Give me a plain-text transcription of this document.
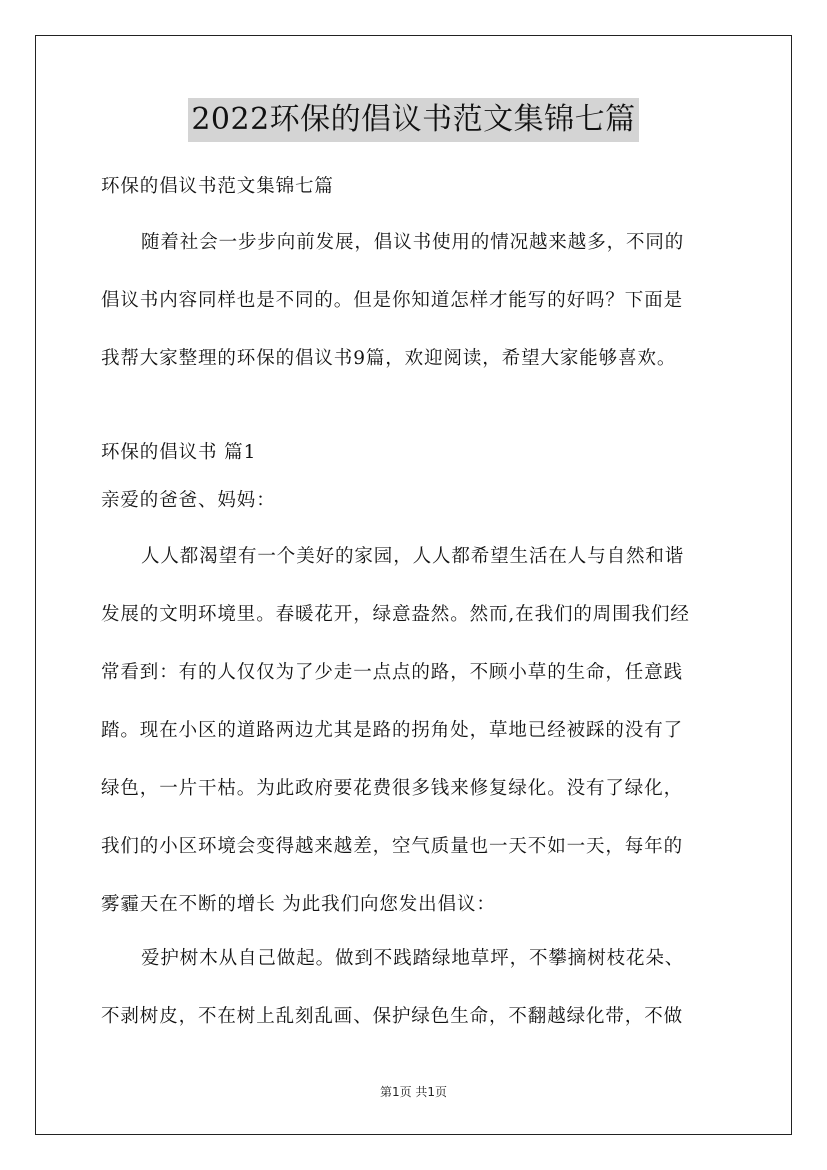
2022环保的倡议书范文集锦七篇
环保的倡议书范文集锦七篇
随着社会一步步向前发展，倡议书使用的情况越来越多，不同的
倡议书内容同样也是不同的。但是你知道怎样才能写的好吗？下面是
我帮大家整理的环保的倡议书9篇，欢迎阅读，希望大家能够喜欢。
环保的倡议书 篇1
亲爱的爸爸、妈妈：
人人都渴望有一个美好的家园，人人都希望生活在人与自然和谐
发展的文明环境里。春暖花开，绿意盎然。然而,在我们的周围我们经
常看到：有的人仅仅为了少走一点点的路，不顾小草的生命，任意践
踏。现在小区的道路两边尤其是路的拐角处，草地已经被踩的没有了
绿色，一片干枯。为此政府要花费很多钱来修复绿化。没有了绿化，
我们的小区环境会变得越来越差，空气质量也一天不如一天，每年的
雾霾天在不断的增长 为此我们向您发出倡议：
爱护树木从自己做起。做到不践踏绿地草坪，不攀摘树枝花朵、
不剥树皮，不在树上乱刻乱画、保护绿色生命，不翻越绿化带，不做
第1页 共1页
